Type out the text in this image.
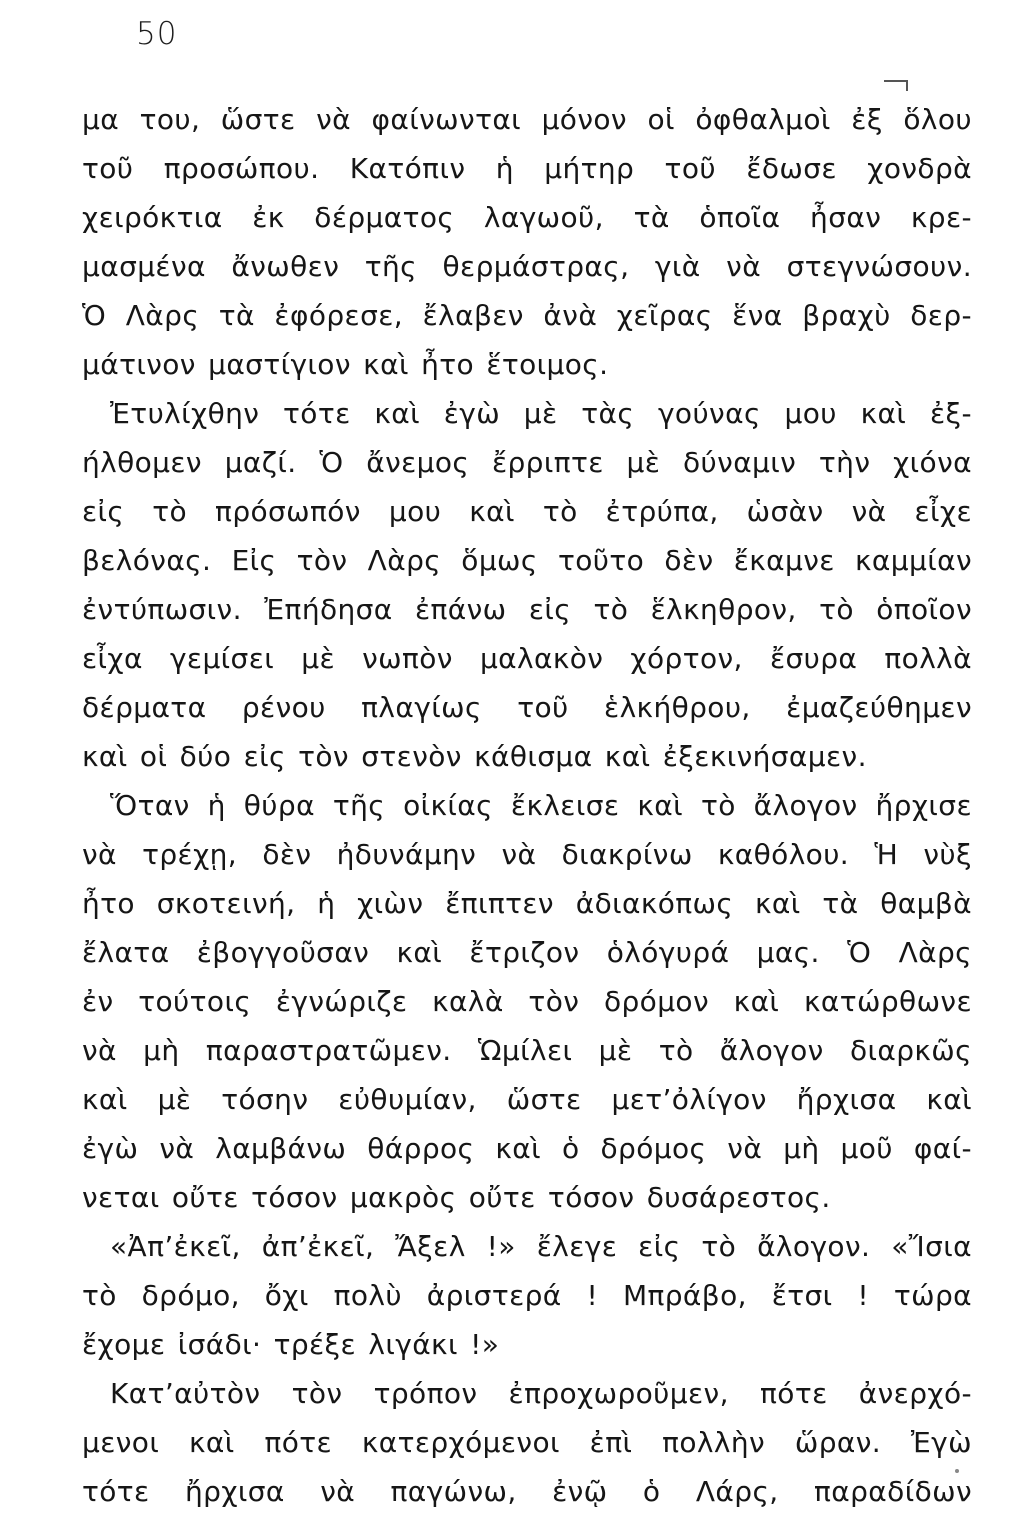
50
μα του, ὥστε νὰ φαίνωνται μόνον οἱ ὀφθαλμοὶ ἐξ ὅλου
τοῦ προσώπου. Κατόπιν ἡ μήτηρ τοῦ ἔδωσε χονδρὰ
χειρόκτια ἐκ δέρματος λαγωοῦ, τὰ ὁποῖα ἦσαν κρε-
μασμένα ἄνωθεν τῆς θερμάστρας, γιὰ νὰ στεγνώσουν.
Ὁ Λὰρς τὰ ἐφόρεσε, ἔλαβεν ἀνὰ χεῖρας ἕνα βραχὺ δερ-
μάτινον μαστίγιον καὶ ἦτο ἕτοιμος.
Ἐτυλίχθην τότε καὶ ἐγὼ μὲ τὰς γούνας μου καὶ ἐξ-
ήλθομεν μαζί. Ὁ ἄνεμος ἔρριπτε μὲ δύναμιν τὴν χιόνα
εἰς τὸ πρόσωπόν μου καὶ τὸ ἐτρύπα, ὡσὰν νὰ εἶχε
βελόνας. Εἰς τὸν Λὰρς ὅμως τοῦτο δὲν ἔκαμνε καμμίαν
ἐντύπωσιν. Ἐπήδησα ἐπάνω εἰς τὸ ἕλκηθρον, τὸ ὁποῖον
εἶχα γεμίσει μὲ νωπὸν μαλακὸν χόρτον, ἔσυρα πολλὰ
δέρματα ρένου πλαγίως τοῦ ἑλκήθρου, ἐμαζεύθημεν
καὶ οἱ δύο εἰς τὸν στενὸν κάθισμα καὶ ἐξεκινήσαμεν.
Ὅταν ἡ θύρα τῆς οἰκίας ἔκλεισε καὶ τὸ ἄλογον ἤρχισε
νὰ τρέχῃ, δὲν ἠδυνάμην νὰ διακρίνω καθόλου. Ἡ νὺξ
ἦτο σκοτεινή, ἡ χιὼν ἔπιπτεν ἀδιακόπως καὶ τὰ θαμβὰ
ἔλατα ἐβογγοῦσαν καὶ ἔτριζον ὁλόγυρά μας. Ὁ Λὰρς
ἐν τούτοις ἐγνώριζε καλὰ τὸν δρόμον καὶ κατώρθωνε
νὰ μὴ παραστρατῶμεν. Ὡμίλει μὲ τὸ ἄλογον διαρκῶς
καὶ μὲ τόσην εὐθυμίαν, ὥστε μετ’ὀλίγον ἤρχισα καὶ
ἐγὼ νὰ λαμβάνω θάρρος καὶ ὁ δρόμος νὰ μὴ μοῦ φαί-
νεται οὔτε τόσον μακρὸς οὔτε τόσον δυσάρεστος.
«Ἀπ’ἐκεῖ, ἀπ’ἐκεῖ, Ἄξελ !» ἔλεγε εἰς τὸ ἄλογον. «Ἴσια
τὸ δρόμο, ὄχι πολὺ ἀριστερά ! Μπράβο, ἔτσι ! τώρα
ἔχομε ἰσάδι· τρέξε λιγάκι !»
Κατ’αὐτὸν τὸν τρόπον ἐπροχωροῦμεν, πότε ἀνερχό-
μενοι καὶ πότε κατερχόμενοι ἐπὶ πολλὴν ὥραν. Ἐγὼ
τότε ἤρχισα νὰ παγώνω, ἐνῷ ὁ Λάρς, παραδίδων
